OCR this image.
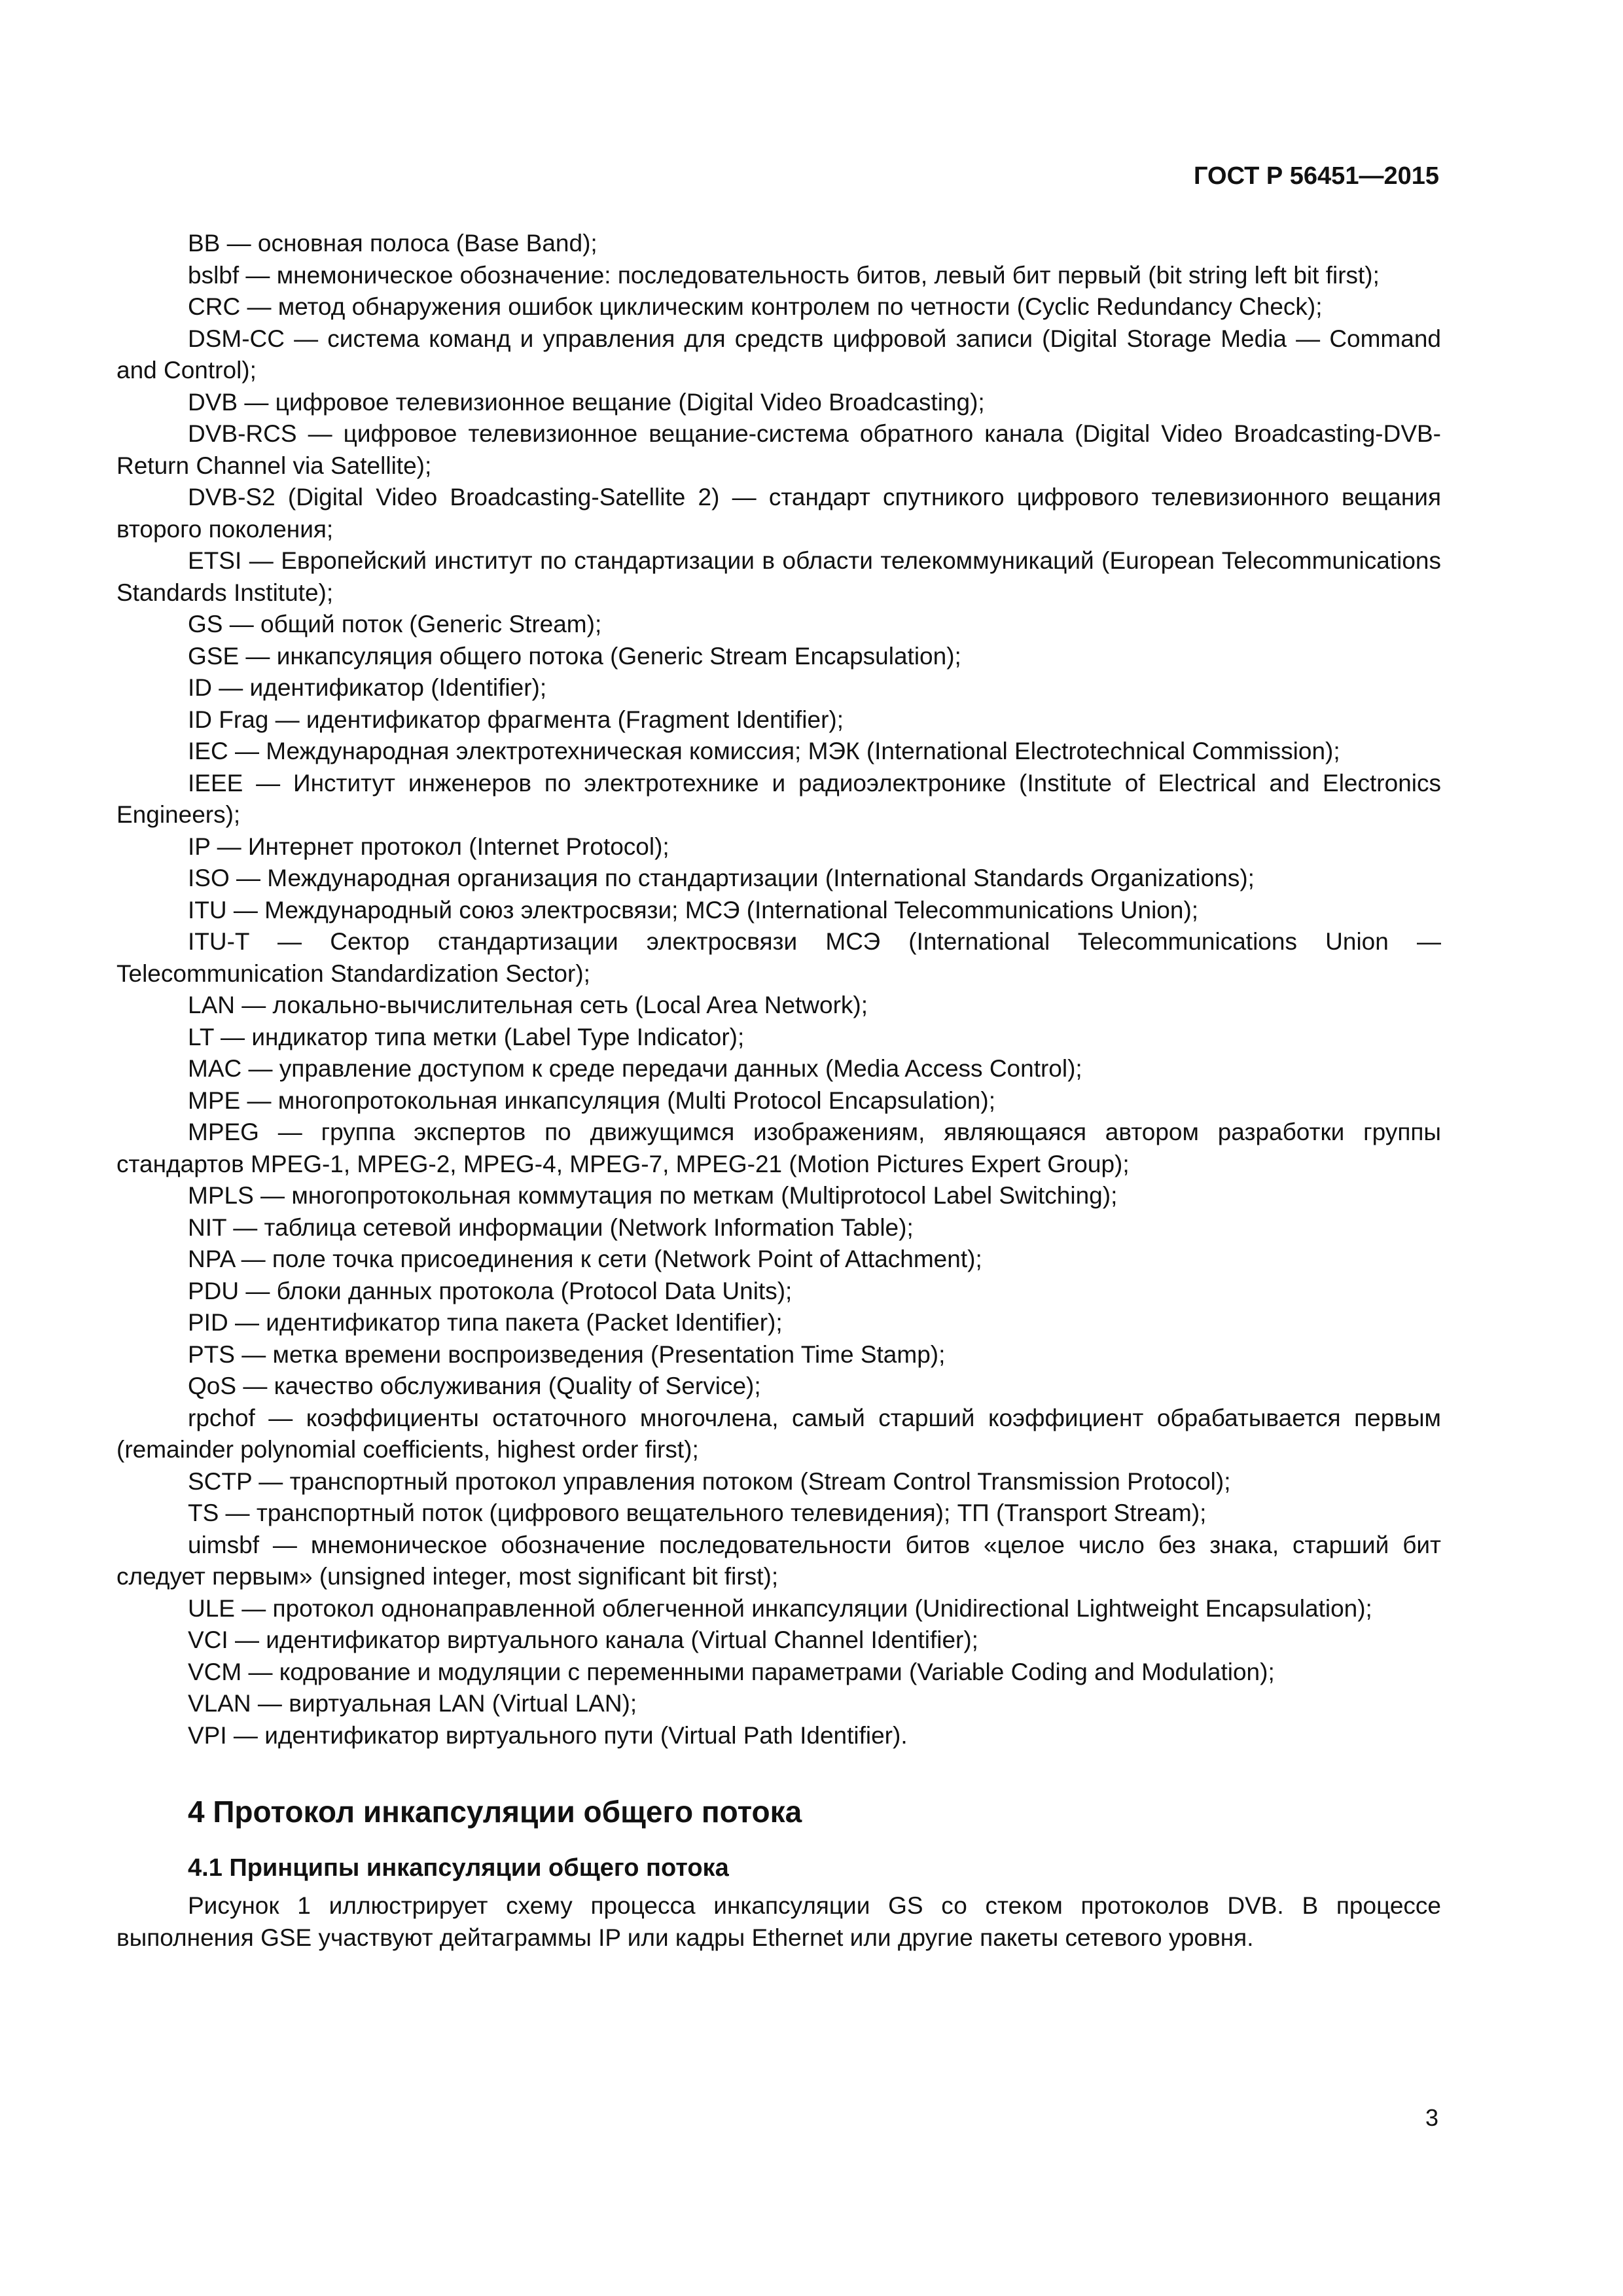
ГОСТ Р 56451—2015

BB — основная полоса (Base Band);

bslbf — мнемоническое обозначение: последовательность битов, левый бит первый (bit string left bit first);

CRC — метод обнаружения ошибок циклическим контролем по четности (Cyclic Redundancy Check);

DSM-CC — система команд и управления для средств цифровой записи (Digital Storage Media — Command and Control);

DVB — цифровое телевизионное вещание (Digital Video Broadcasting);

DVB-RCS — цифровое телевизионное вещание-система обратного канала (Digital Video Broadcasting-DVB-Return Channel via Satellite);

DVB-S2 (Digital Video Broadcasting-Satellite 2) — стандарт спутникого цифрового телевизионного вещания второго поколения;

ETSI — Европейский институт по стандартизации в области телекоммуникаций (European Telecommunications Standards Institute);

GS — общий поток (Generic Stream);

GSE — инкапсуляция общего потока (Generic Stream Encapsulation);

ID — идентификатор (Identifier);

ID Frag — идентификатор фрагмента (Fragment Identifier);

IEC — Международная электротехническая комиссия; МЭК (International Electrotechnical Commission);

IEEE — Институт инженеров по электротехнике и радиоэлектронике (Institute of Electrical and Electronics Engineers);

IP — Интернет протокол (Internet Protocol);

ISO — Международная организация по стандартизации (International Standards Organizations);

ITU — Международный союз электросвязи; МСЭ (International Telecommunications Union);

ITU-T — Сектор стандартизации электросвязи МСЭ (International Telecommunications Union — Telecommunication Standardization Sector);

LAN — локально-вычислительная сеть (Local Area Network);

LT — индикатор типа метки (Label Type Indicator);

MAC — управление доступом к среде передачи данных (Media Access Control);

MPE — многопротокольная инкапсуляция (Multi Protocol Encapsulation);

MPEG — группа экспертов по движущимся изображениям, являющаяся автором разработки группы стандартов MPEG-1, MPEG-2, MPEG-4, MPEG-7, MPEG-21 (Motion Pictures Expert Group);

MPLS — многопротокольная коммутация по меткам (Multiprotocol Label Switching);

NIT — таблица сетевой информации (Network Information Table);

NPA — поле точка присоединения к сети (Network Point of Attachment);

PDU — блоки данных протокола (Protocol Data Units);

PID — идентификатор типа пакета (Packet Identifier);

PTS — метка времени воспроизведения (Presentation Time Stamp);

QoS — качество обслуживания (Quality of Service);

rpchof — коэффициенты остаточного многочлена, самый старший коэффициент обрабатывается первым (remainder polynomial coefficients, highest order first);

SCTP — транспортный протокол управления потоком (Stream Control Transmission Protocol);

TS — транспортный поток (цифрового вещательного телевидения); ТП (Transport Stream);

uimsbf — мнемоническое обозначение последовательности битов «целое число без знака, старший бит следует первым» (unsigned integer, most significant bit first);

ULE — протокол однонаправленной облегченной инкапсуляции (Unidirectional Lightweight Encapsulation);

VCI — идентификатор виртуального канала (Virtual Channel Identifier);

VCM — кодрование и модуляции с переменными параметрами (Variable Coding and Modulation);

VLAN — виртуальная LAN (Virtual LAN);

VPI — идентификатор виртуального пути (Virtual Path Identifier).

4 Протокол инкапсуляции общего потока
4.1 Принципы инкапсуляции общего потока

Рисунок 1 иллюстрирует схему процесса инкапсуляции GS со стеком протоколов DVB. В процессе выполнения GSE участвуют дейтаграммы IP или кадры Ethernet или другие пакеты сетевого уровня.

3
